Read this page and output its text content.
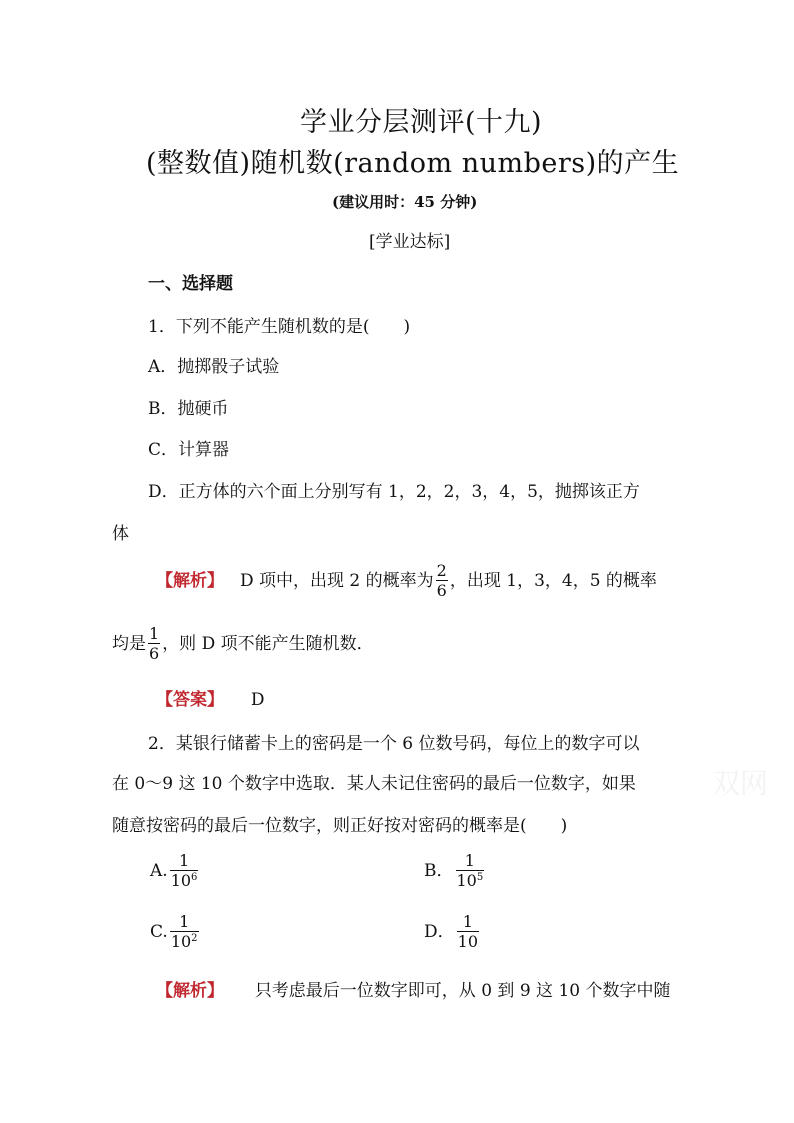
学业分层测评(十九)
(整数值)随机数(random numbers)的产生
(建议用时：45 分钟)
[学业达标]
一、选择题
1．下列不能产生随机数的是(　　)
A．抛掷骰子试验
B．抛硬币
C．计算器
D．正方体的六个面上分别写有 1，2，2，3，4，5，抛掷该正方
体
【解析】 D 项中，出现 2 的概率为 $\frac{2}{6}$ ，出现 1，3，4，5 的概率
均是 $\frac{1}{6}$ ，则 D 项不能产生随机数．
【答案】 D
2．某银行储蓄卡上的密码是一个 6 位数号码，每位上的数字可以
在 0～9 这 10 个数字中选取．某人未记住密码的最后一位数字，如果
随意按密码的最后一位数字，则正好按对密码的概率是(　　)
A. $\frac{1}{10^6}$	B． $\frac{1}{10^5}$
C. $\frac{1}{10^2}$	D． $\frac{1}{10}$
【解析】 只考虑最后一位数字即可，从 0 到 9 这 10 个数字中随
双网
